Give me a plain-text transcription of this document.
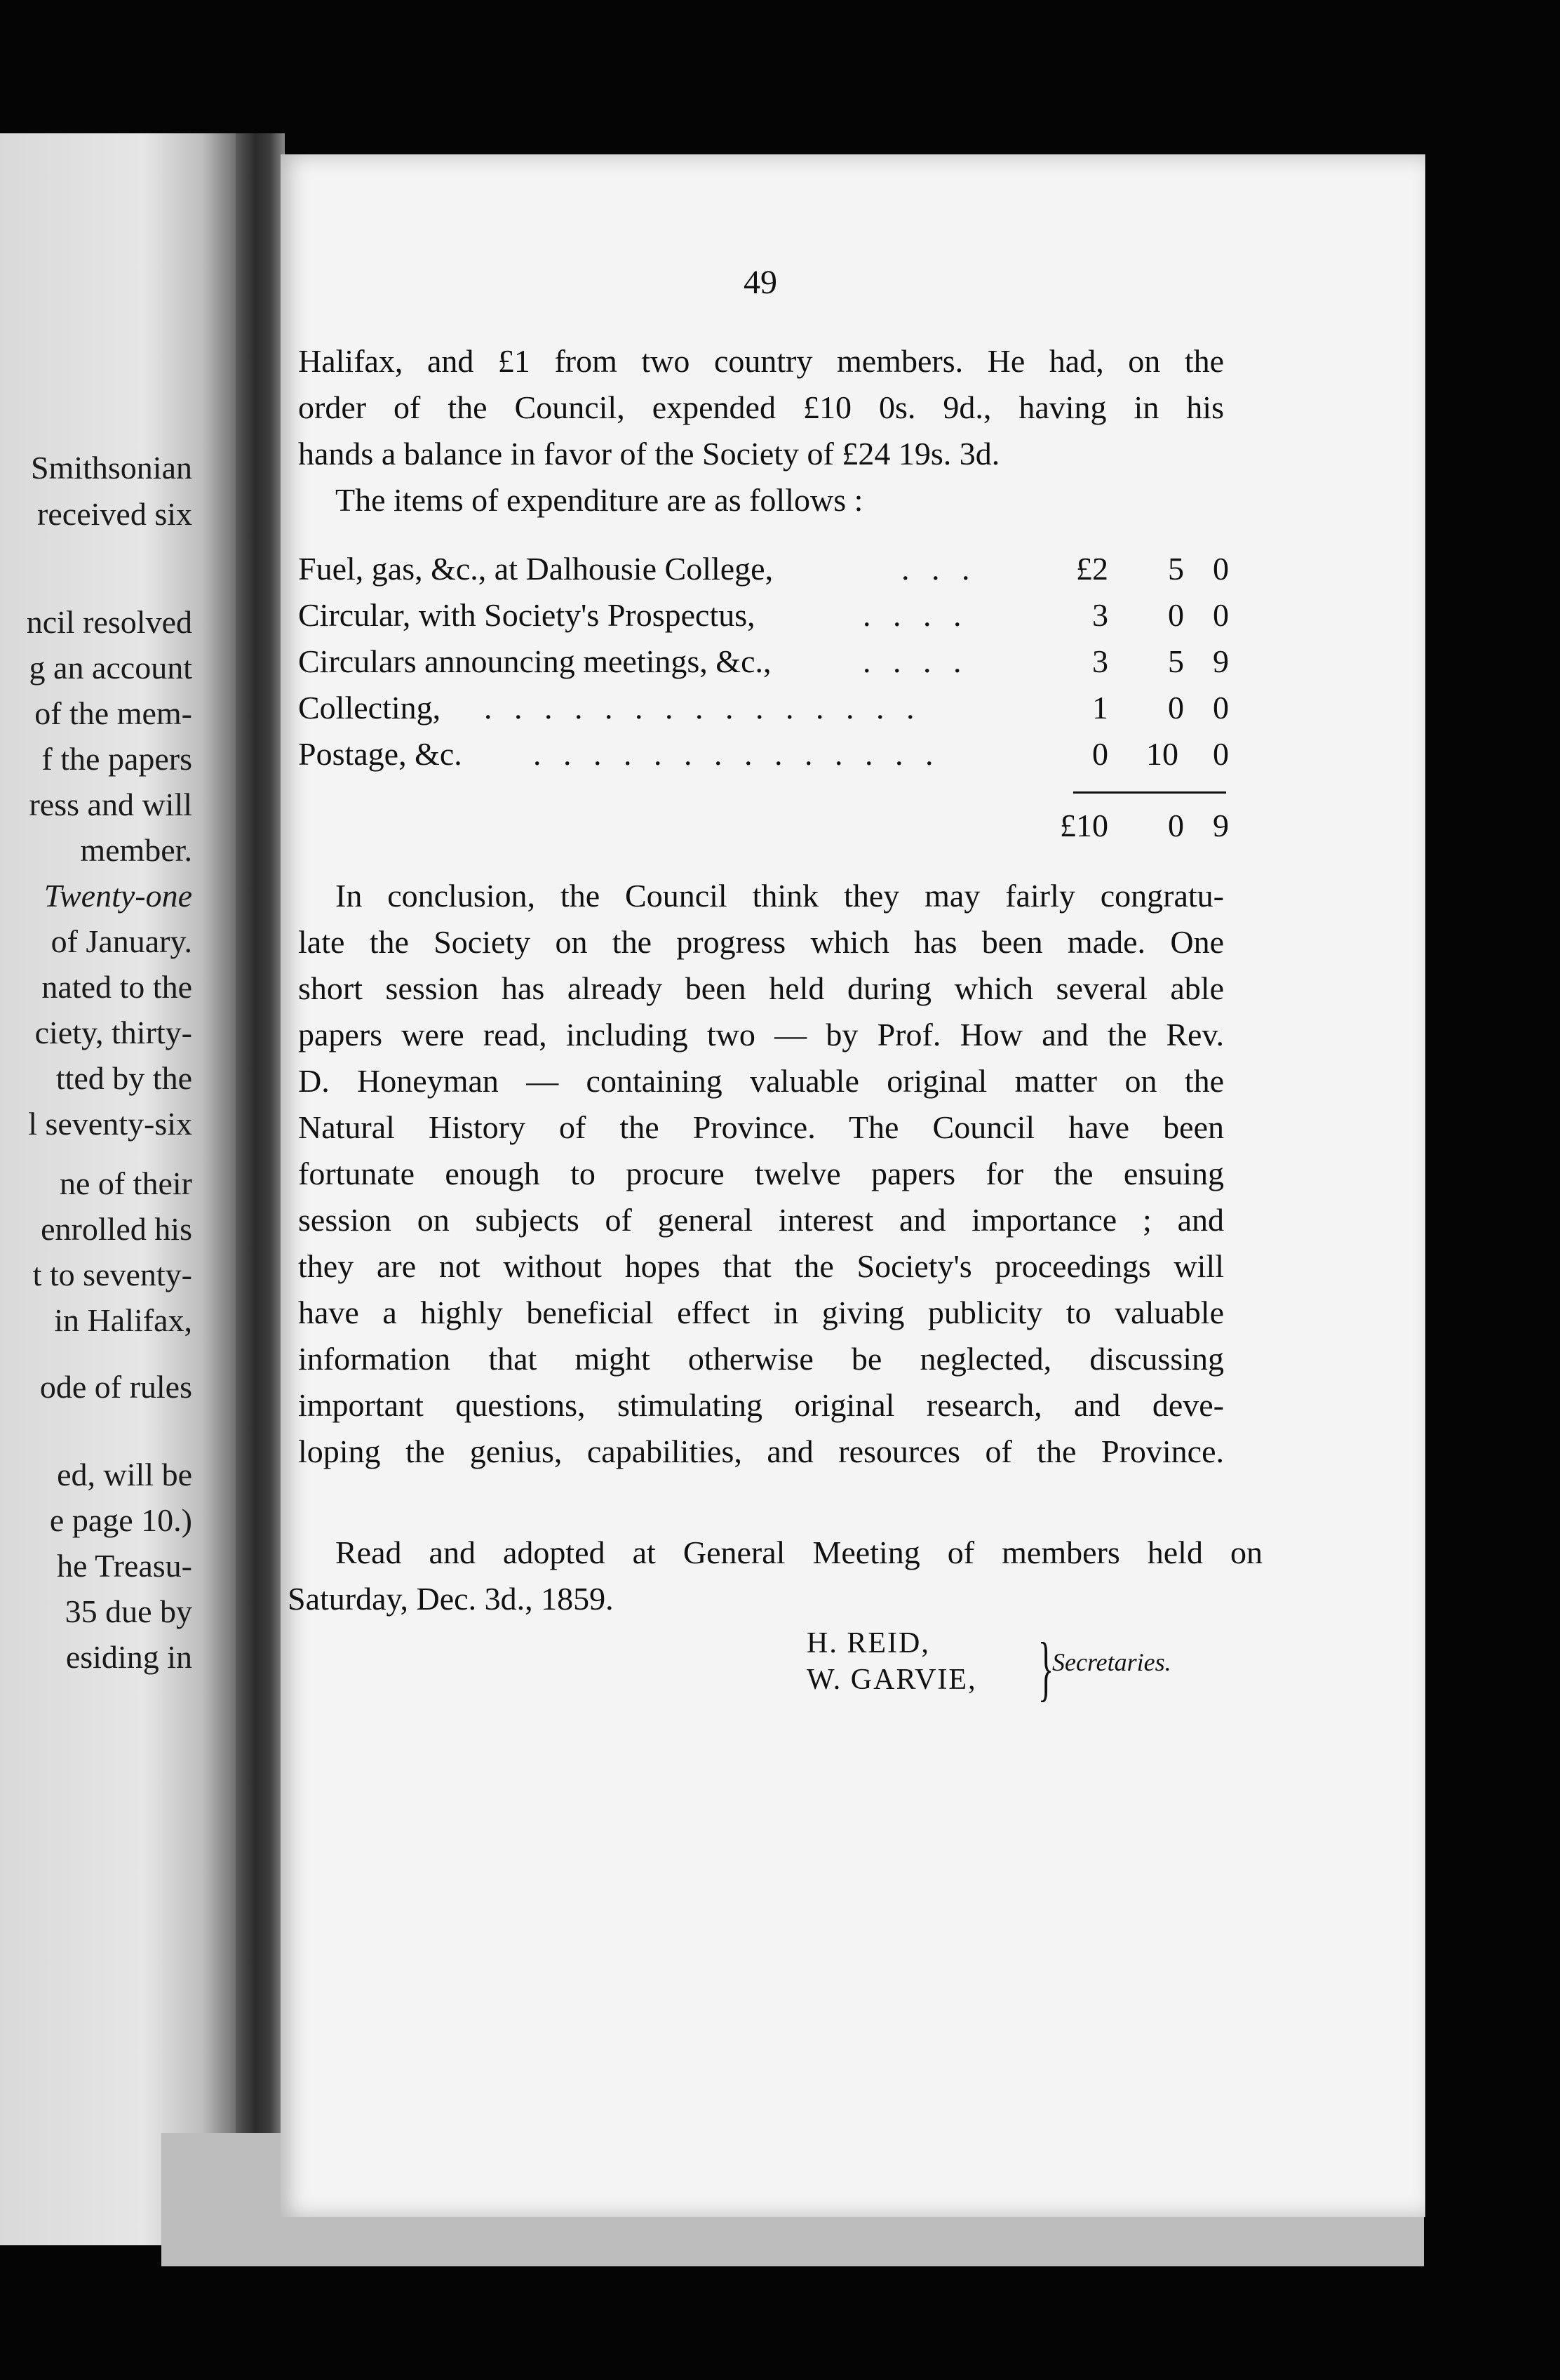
Smithsonian
received six
ncil resolved
g an account
of the mem-
f the papers
ress and will
member.
Twenty-one
of January.
nated to the
ciety, thirty-
tted by the
l seventy-six
ne of their
enrolled his
t to seventy-
in Halifax,
ode of rules
ed, will be
e page 10.)
he Treasu-
35 due by
esiding in
49
Halifax, and £1 from two country members. He had, on the
order of the Council, expended £10 0s. 9d., having in his
hands a balance in favor of the Society of £24 19s. 3d.
The items of expenditure are as follows :
Fuel, gas, &c., at Dalhousie College,	. . .	£2	5 0
Circular, with Society's Prospectus,	. . . .	3	0 0
Circulars announcing meetings, &c.,	. . . .	3	5 9
Collecting, . . . . . . . . . . . . . . .	1	0 0
Postage, &c. . . . . . . . . . . . . . .	0	10	0
£10	0 9
In conclusion, the Council think they may fairly congratu-
late the Society on the progress which has been made. One
short session has already been held during which several able
papers were read, including two — by Prof. How and the Rev.
D. Honeyman — containing valuable original matter on the
Natural History of the Province. The Council have been
fortunate enough to procure twelve papers for the ensuing
session on subjects of general interest and importance ; and
they are not without hopes that the Society's proceedings will
have a highly beneficial effect in giving publicity to valuable
information that might otherwise be neglected, discussing
important questions, stimulating original research, and deve-
loping the genius, capabilities, and resources of the Province.
Read and adopted at General Meeting of members held on
Saturday, Dec. 3d., 1859.
H. REID,
W. GARVIE, }
Secretaries.
